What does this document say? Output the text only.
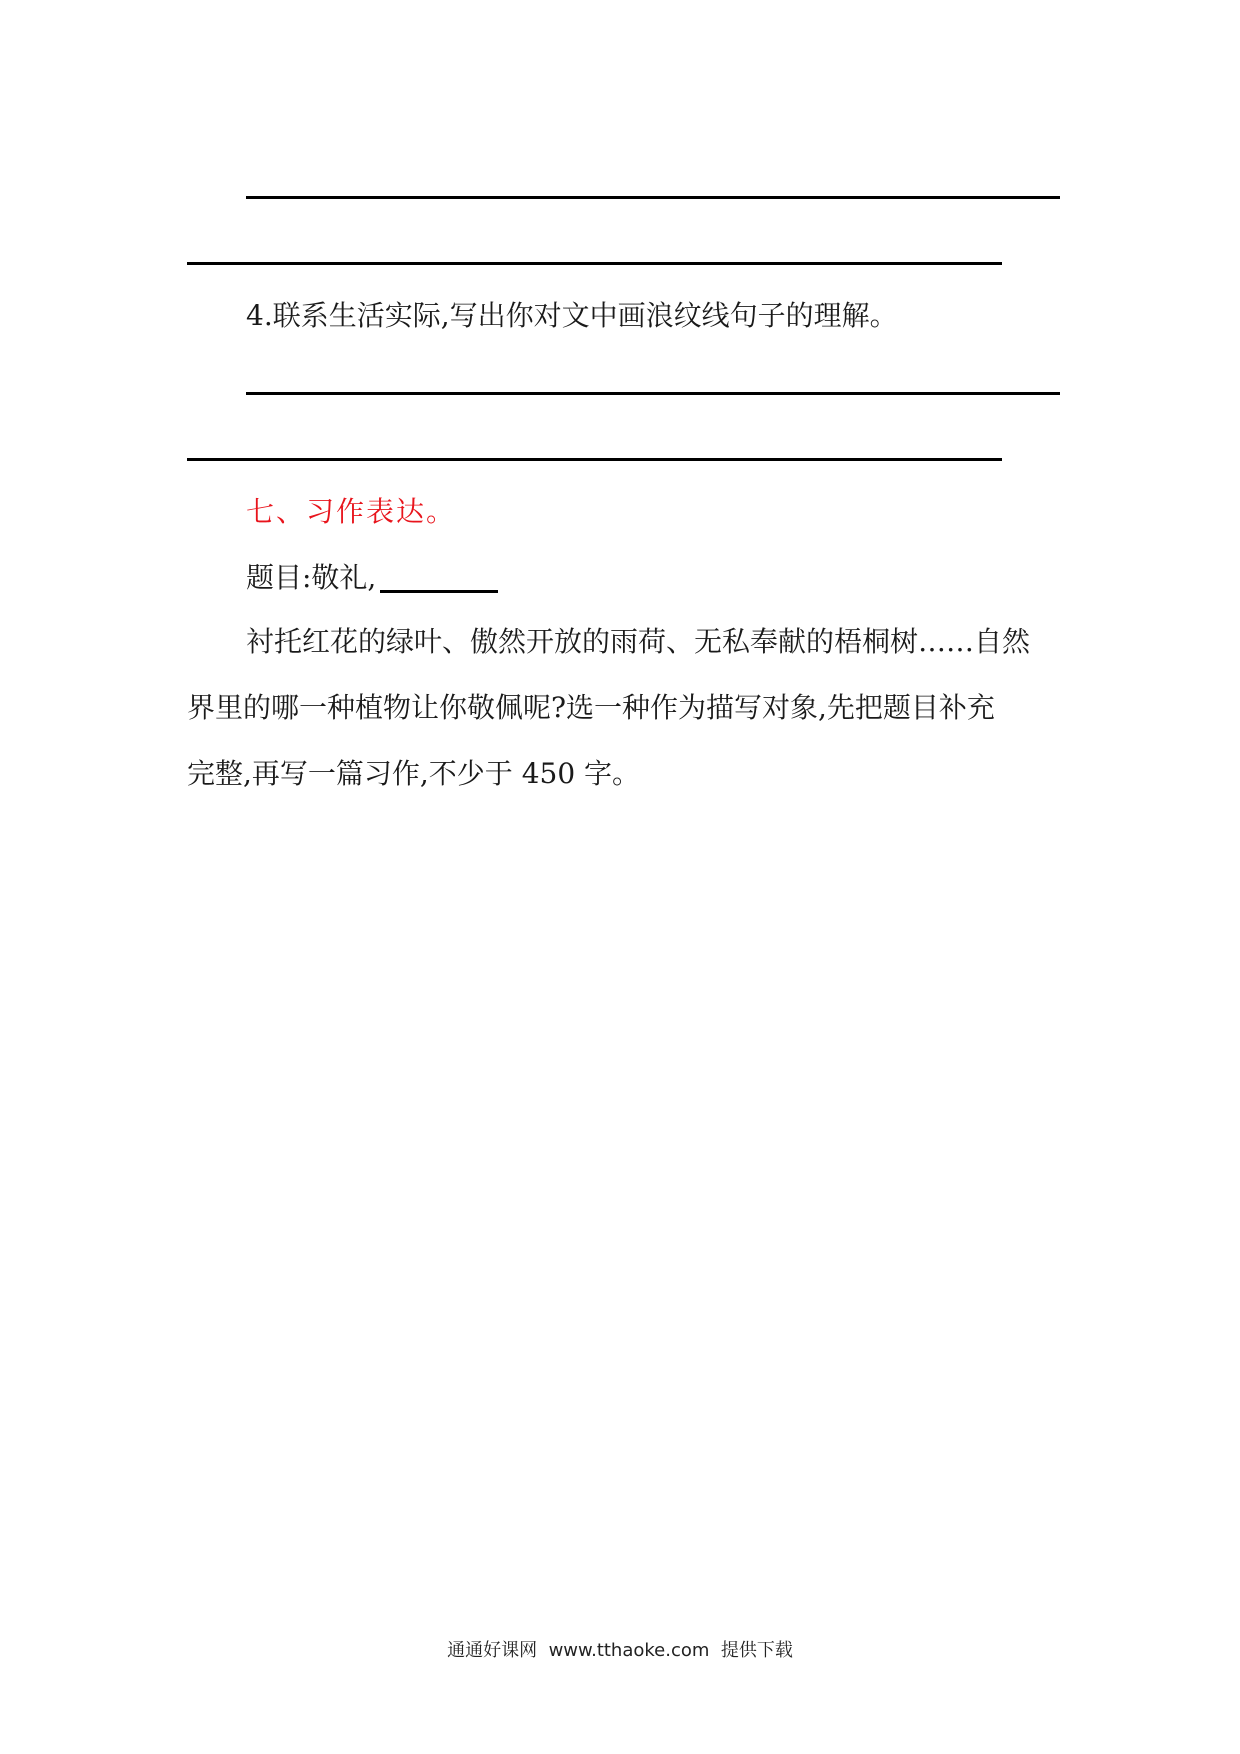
4.联系生活实际,写出你对文中画浪纹线句子的理解。

七、习作表达。

题目:敬礼,

衬托红花的绿叶、傲然开放的雨荷、无私奉献的梧桐树……自然

界里的哪一种植物让你敬佩呢?选一种作为描写对象,先把题目补充

完整,再写一篇习作,不少于 450 字。

通通好课网  www.tthaoke.com  提供下载
